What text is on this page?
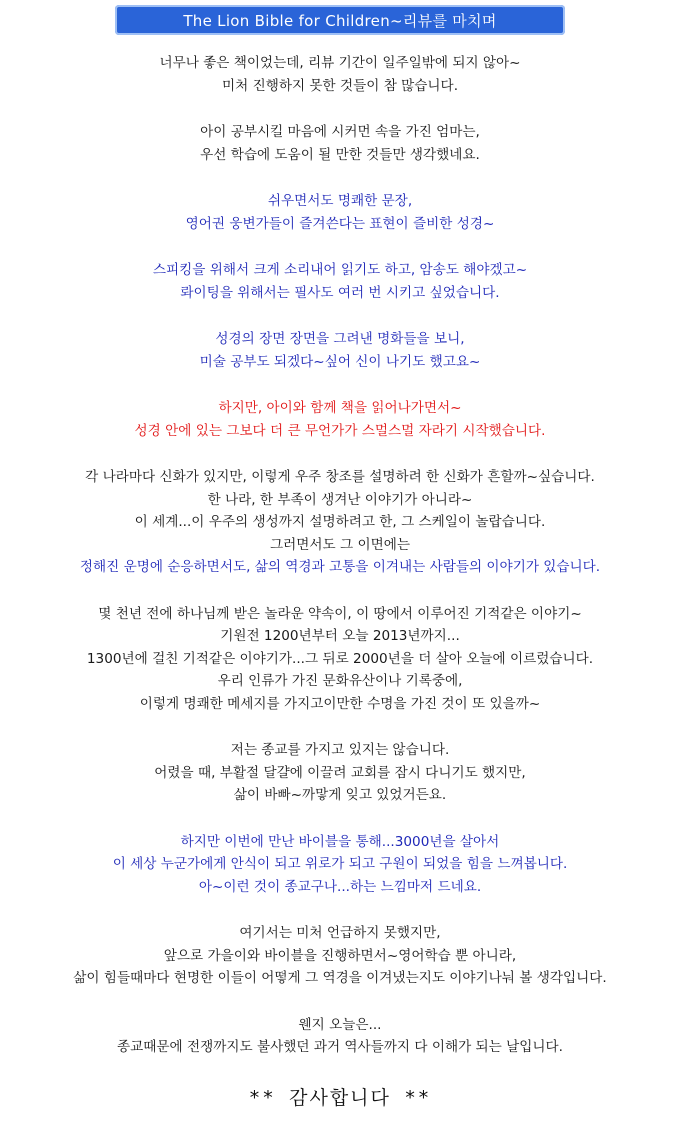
The Lion Bible for Children~리뷰를 마치며
너무나 좋은 책이었는데, 리뷰 기간이 일주일밖에 되지 않아~
미처 진행하지 못한 것들이 참 많습니다.
아이 공부시킬 마음에 시커먼 속을 가진 엄마는,
우선 학습에 도움이 될 만한 것들만 생각했네요.
쉬우면서도 명쾌한 문장,
영어권 웅변가들이 즐겨쓴다는 표현이 즐비한 성경~
스피킹을 위해서 크게 소리내어 읽기도 하고, 암송도 해야겠고~
롸이팅을 위해서는 필사도 여러 번 시키고 싶었습니다.
성경의 장면 장면을 그려낸 명화들을 보니,
미술 공부도 되겠다~싶어 신이 나기도 했고요~
하지만, 아이와 함께 책을 읽어나가면서~
성경 안에 있는 그보다 더 큰 무언가가 스멀스멀 자라기 시작했습니다.
각 나라마다 신화가 있지만, 이렇게 우주 창조를 설명하려 한 신화가 흔할까~싶습니다.
한 나라, 한 부족이 생겨난 이야기가 아니라~
이 세계...이 우주의 생성까지 설명하려고 한, 그 스케일이 놀랍습니다.
그러면서도 그 이면에는
정해진 운명에 순응하면서도, 삶의 역경과 고통을 이겨내는 사람들의 이야기가 있습니다.
몇 천년 전에 하나님께 받은 놀라운 약속이, 이 땅에서 이루어진 기적같은 이야기~
기원전 1200년부터 오늘 2013년까지...
1300년에 걸친 기적같은 이야기가...그 뒤로 2000년을 더 살아 오늘에 이르렀습니다.
우리 인류가 가진 문화유산이나 기록중에,
이렇게 명쾌한 메세지를 가지고이만한 수명을 가진 것이 또 있을까~
저는 종교를 가지고 있지는 않습니다.
어렸을 때, 부활절 달걀에 이끌려 교회를 잠시 다니기도 했지만,
삶이 바빠~까맣게 잊고 있었거든요.
하지만 이번에 만난 바이블을 통해...3000년을 살아서
이 세상 누군가에게 안식이 되고 위로가 되고 구원이 되었을 힘을 느껴봅니다.
아~이런 것이 종교구나...하는 느낌마저 드네요.
여기서는 미처 언급하지 못했지만,
앞으로 가을이와 바이블을 진행하면서~영어학습 뿐 아니라,
삶이 힘들때마다 현명한 이들이 어떻게 그 역경을 이겨냈는지도 이야기나눠 볼 생각입니다.
웬지 오늘은...
종교때문에 전쟁까지도 불사했던 과거 역사들까지 다 이해가 되는 날입니다.
** 감사합니다 **
